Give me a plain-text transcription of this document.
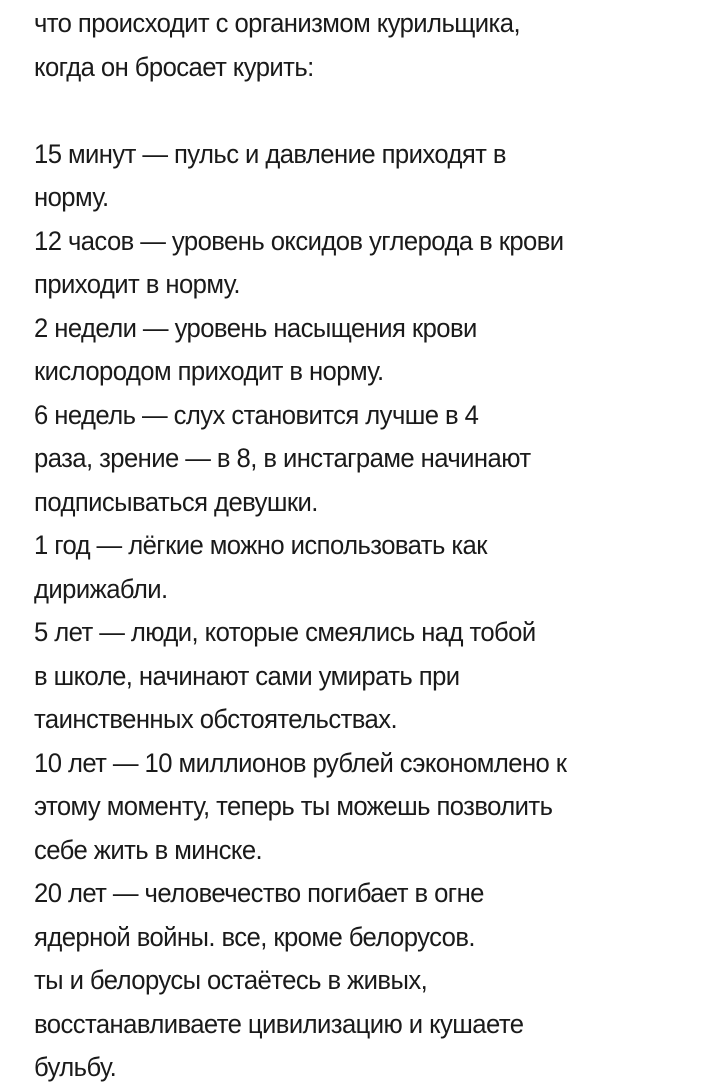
что происходит с организмом курильщика,
когда он бросает курить:
15 минут — пульс и давление приходят в
норму.
12 часов — уровень оксидов углерода в крови
приходит в норму.
2 недели — уровень насыщения крови
кислородом приходит в норму.
6 недель — слух становится лучше в 4
раза, зрение — в 8, в инстаграме начинают
подписываться девушки.
1 год — лёгкие можно использовать как
дирижабли.
5 лет — люди, которые смеялись над тобой
в школе, начинают сами умирать при
таинственных обстоятельствах.
10 лет — 10 миллионов рублей сэкономлено к
этому моменту, теперь ты можешь позволить
себе жить в минске.
20 лет — человечество погибает в огне
ядерной войны. все, кроме белорусов.
ты и белорусы остаётесь в живых,
восстанавливаете цивилизацию и кушаете
бульбу.
